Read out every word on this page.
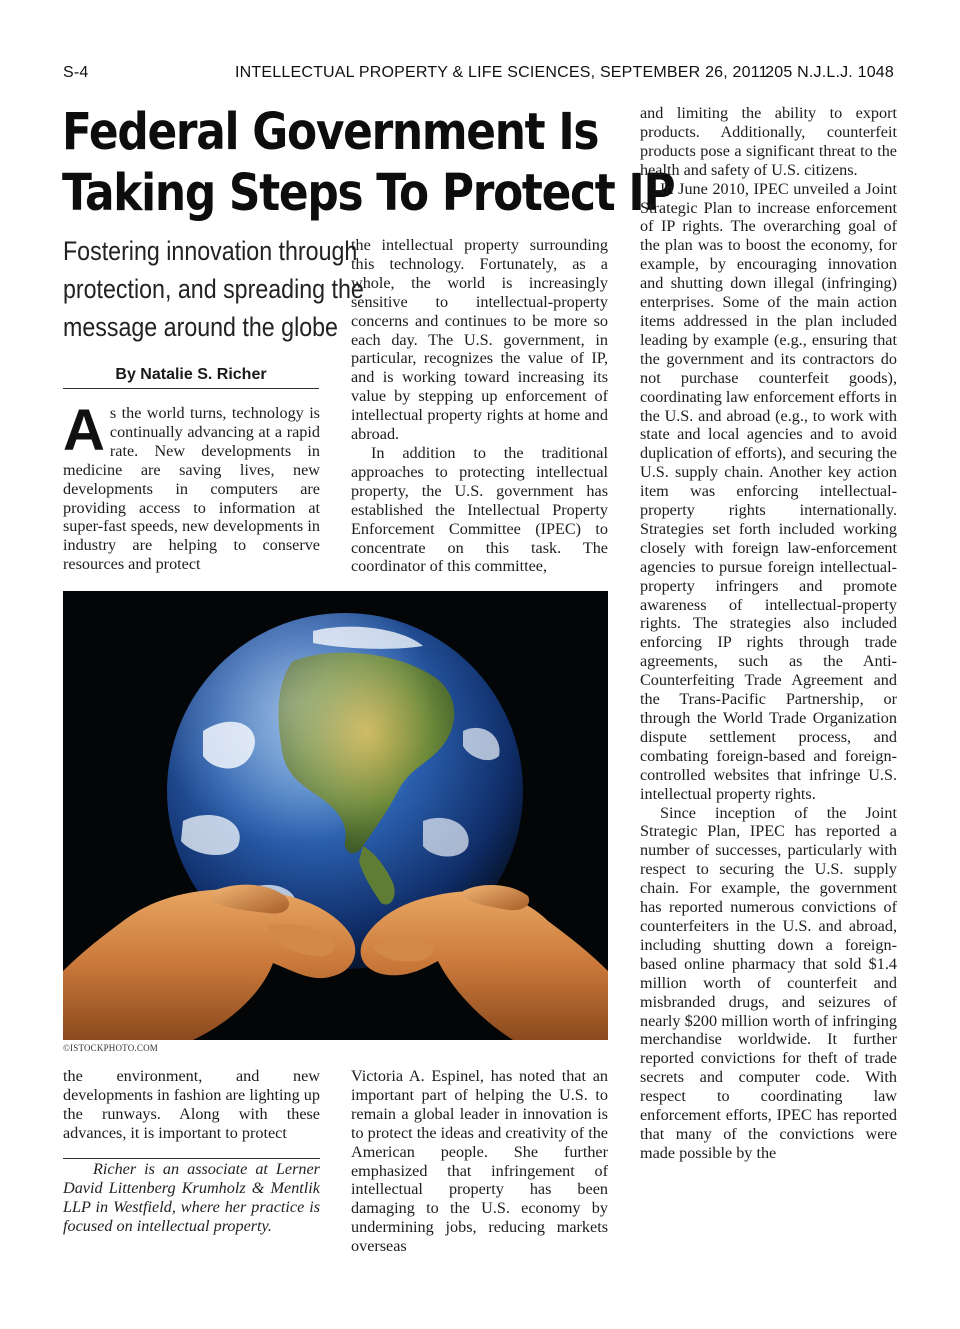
S-4	INTELLECTUAL PROPERTY & LIFE SCIENCES, SEPTEMBER 26, 2011
205 N.J.L.J. 1048
Federal Government Is
Taking Steps To Protect IP
Fostering innovation through
protection, and spreading the
message around the globe
By Natalie S. Richer

As the world turns, technology is continually advancing at a rapid rate. New developments in medicine are saving lives, new developments in computers are providing access to information at super-fast speeds, new developments in industry are helping to conserve resources and protect

the intellectual property surrounding this technology. Fortunately, as a whole, the world is increasingly sensitive to intellectual-property concerns and continues to be more so each day. The U.S. government, in particular, recognizes the value of IP, and is working toward increasing its value by stepping up enforcement of intellectual property rights at home and abroad.

In addition to the traditional approaches to protecting intellectual property, the U.S. government has established the Intellectual Property Enforcement Committee (IPEC) to concentrate on this task. The coordinator of this committee,

©ISTOCKPHOTO.COM

the environment, and new developments in fashion are lighting up the runways. Along with these advances, it is important to protect

Richer is an associate at Lerner David Littenberg Krumholz & Mentlik LLP in Westfield, where her practice is focused on intellectual property.

Victoria A. Espinel, has noted that an important part of helping the U.S. to remain a global leader in innovation is to protect the ideas and creativity of the American people. She further emphasized that infringement of intellectual property has been damaging to the U.S. economy by undermining jobs, reducing markets overseas

and limiting the ability to export products. Additionally, counterfeit products pose a significant threat to the health and safety of U.S. citizens.

In June 2010, IPEC unveiled a Joint Strategic Plan to increase enforcement of IP rights. The overarching goal of the plan was to boost the economy, for example, by encouraging innovation and shutting down illegal (infringing) enterprises. Some of the main action items addressed in the plan included leading by example (e.g., ensuring that the government and its contractors do not purchase counterfeit goods), coordinating law enforcement efforts in the U.S. and abroad (e.g., to work with state and local agencies and to avoid duplication of efforts), and securing the U.S. supply chain. Another key action item was enforcing intellectual-property rights internationally. Strategies set forth included working closely with foreign law-enforcement agencies to pursue foreign intellectual-property infringers and promote awareness of intellectual-property rights. The strategies also included enforcing IP rights through trade agreements, such as the Anti-Counterfeiting Trade Agreement and the Trans-Pacific Partnership, or through the World Trade Organization dispute settlement process, and combating foreign-based and foreign-controlled websites that infringe U.S. intellectual property rights.

Since inception of the Joint Strategic Plan, IPEC has reported a number of successes, particularly with respect to securing the U.S. supply chain. For example, the government has reported numerous convictions of counterfeiters in the U.S. and abroad, including shutting down a foreign-based online pharmacy that sold $1.4 million worth of counterfeit and misbranded drugs, and seizures of nearly $200 million worth of infringing merchandise worldwide. It further reported convictions for theft of trade secrets and computer code. With respect to coordinating law enforcement efforts, IPEC has reported that many of the convictions were made possible by the
